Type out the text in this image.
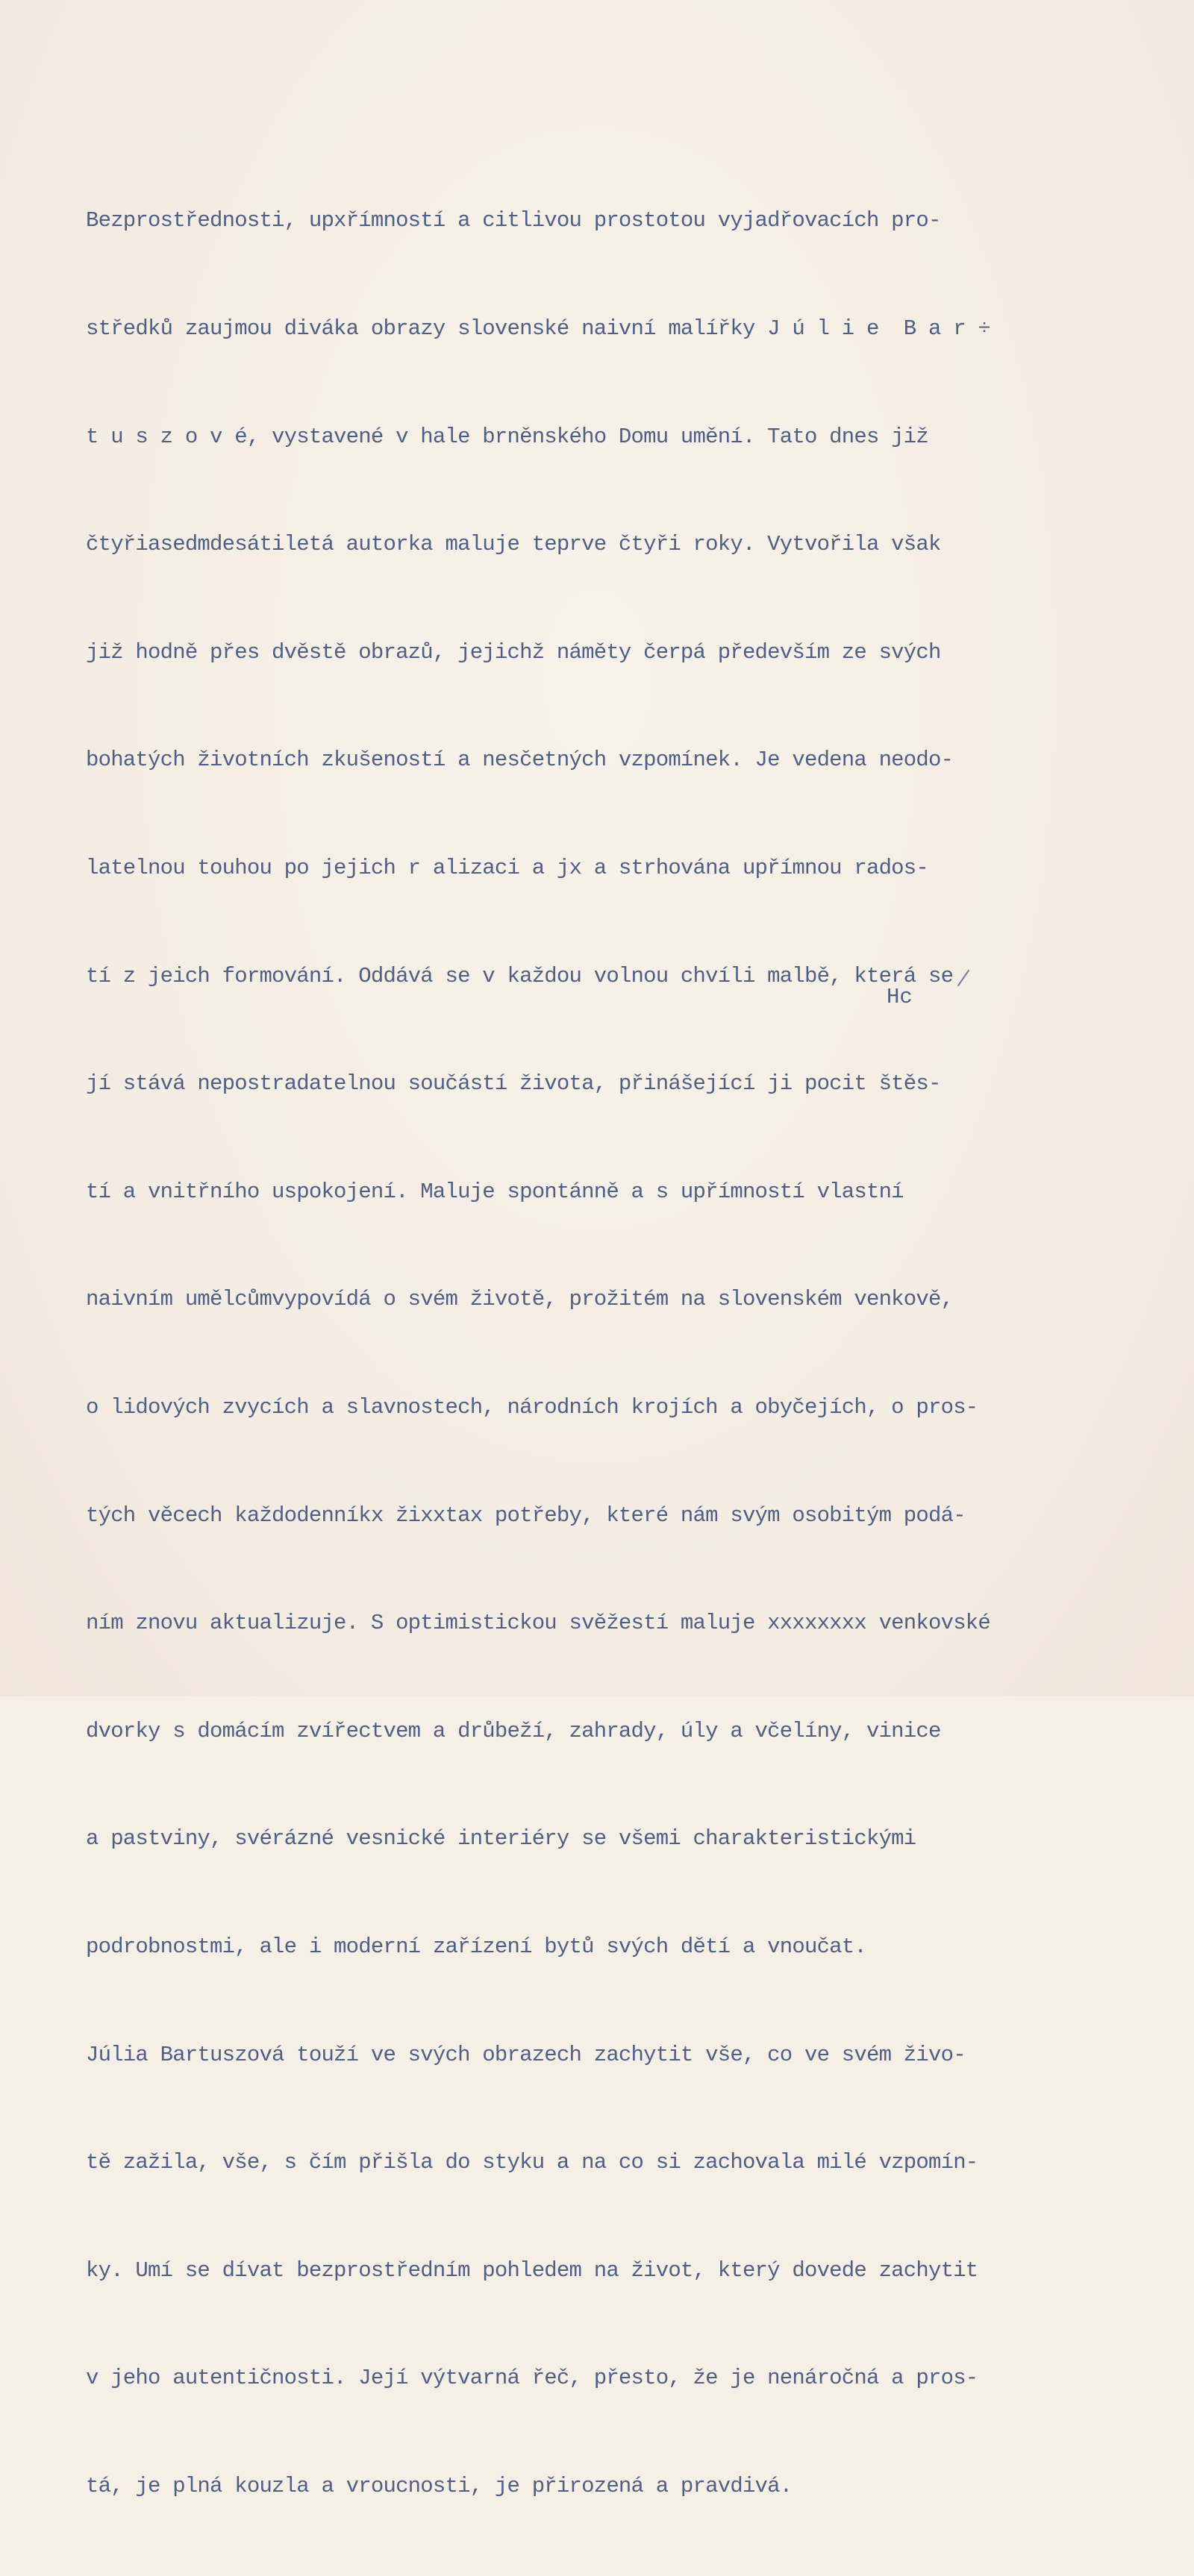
Bezprostřednosti, upxřímností a citlivou prostotou vyjadřovacích pro-

středků zaujmou diváka obrazy slovenské naivní malířky J ú l i e  B a r ÷

t u s z o v é, vystavené v hale brněnského Domu umění. Tato dnes již

čtyřiasedmdesátiletá autorka maluje teprve čtyři roky. Vytvořila však

již hodně přes dvěstě obrazů, jejichž náměty čerpá především ze svých

bohatých životních zkušeností a nesčetných vzpomínek. Je vedena neodo-

latelnou touhou po jejich r alizaci a jx a strhována upřímnou rados-

tí z jeich formování. Oddává se v každou volnou chvíli malbě, která se

jí stává nepostradatelnou součástí života, přinášející ji pocit štěs-

tí a vnitřního uspokojení. Maluje spontánně a s upřímností vlastní

naivním umělcůmvypovídá o svém životě, prožitém na slovenském venkově,

o lidových zvycích a slavnostech, národních krojích a obyčejích, o pros-

tých věcech každodenníkx žixxtax potřeby, které nám svým osobitým podá-

ním znovu aktualizuje. S optimistickou svěžestí maluje xxxxxxxx venkovské

dvorky s domácím zvířectvem a drůbeží, zahrady, úly a včelíny, vinice

a pastviny, svérázné vesnické interiéry se všemi charakteristickými

podrobnostmi, ale i moderní zařízení bytů svých dětí a vnoučat.

Júlia Bartuszová touží ve svých obrazech zachytit vše, co ve svém živo-

tě zažila, vše, s čím přišla do styku a na co si zachovala milé vzpomín-

ky. Umí se dívat bezprostředním pohledem na život, který dovede zachytit

v jeho autentičnosti. Její výtvarná řeč, přesto, že je nenáročná a pros-

tá, je plná kouzla a vroucnosti, je přirozená a pravdivá.

Hc
